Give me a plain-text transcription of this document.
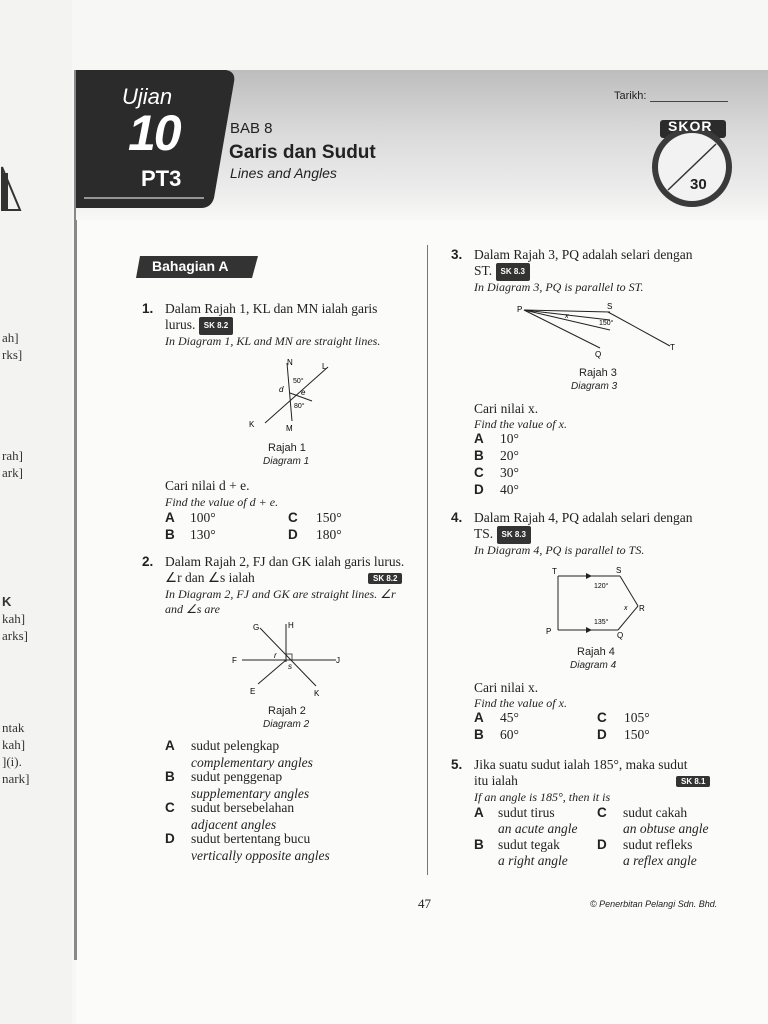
ah]
rks]
rah]
ark]
K
kah]
arks]
ntak
kah]
](i).
nark]
Ujian
10
PT3
BAB 8
Garis dan Sudut
Lines and Angles
Tarikh:
SKOR
30
Bahagian A
1. Dalam Rajah 1, KL dan MN ialah garis
lurus. SK 8.2
In Diagram 1, KL and MN are straight lines.
N	L
K	M
d e
50°
80°
Rajah 1
Diagram 1
Cari nilai d + e.
Find the value of d + e.
A 100°	C 150°
B 130°	D 180°
2. Dalam Rajah 2, FJ dan GK ialah garis lurus.
∠r dan ∠s ialah	SK 8.2
In Diagram 2, FJ and GK are straight lines. ∠r
and ∠s are
G	H
F	J
E	K
r
s
Rajah 2
Diagram 2
A sudut pelengkap
complementary angles
B sudut penggenap
supplementary angles
C sudut bersebelahan
adjacent angles
D sudut bertentang bucu
vertically opposite angles
3. Dalam Rajah 3, PQ adalah selari dengan
ST. SK 8.3
In Diagram 3, PQ is parallel to ST.
P	S
T
Q
x
150°
Rajah 3
Diagram 3
Cari nilai x.
Find the value of x.
A 10°
B 20°
C 30°
D 40°
4. Dalam Rajah 4, PQ adalah selari dengan
TS. SK 8.3
In Diagram 4, PQ is parallel to TS.
T	S
P	Q
R
x
120°
135°
Rajah 4
Diagram 4
Cari nilai x.
Find the value of x.
A 45°	C 105°
B 60°	D 150°
5. Jika suatu sudut ialah 185°, maka sudut
itu ialah	SK 8.1
If an angle is 185°, then it is
A sudut tirus
an acute angle
C sudut cakah
an obtuse angle
B sudut tegak
a right angle
D sudut refleks
a reflex angle
47	© Penerbitan Pelangi Sdn. Bhd.
